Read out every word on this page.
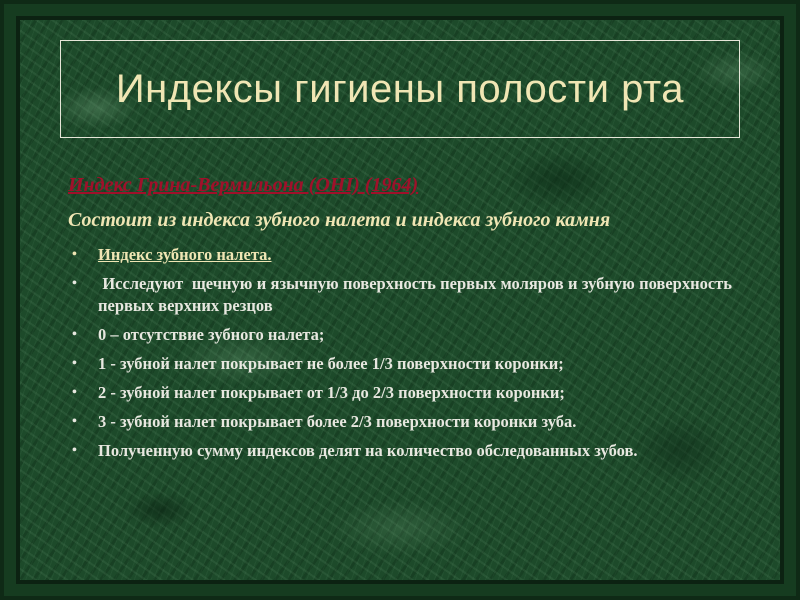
Индексы гигиены полости рта
Индекс Грина-Вермильона (OHI) (1964)
Состоит из индекса зубного налета и индекса зубного камня
• Индекс зубного налета.
• Исследуют  щечную и язычную поверхность первых моляров и зубную поверхность первых верхних резцов
• 0 – отсутствие зубного налета;
• 1 - зубной налет покрывает не более 1/3 поверхности коронки;
• 2 - зубной налет покрывает от 1/3 до 2/3 поверхности коронки;
• 3 - зубной налет покрывает более 2/3 поверхности коронки зуба.
• Полученную сумму индексов делят на количество обследованных зубов.
